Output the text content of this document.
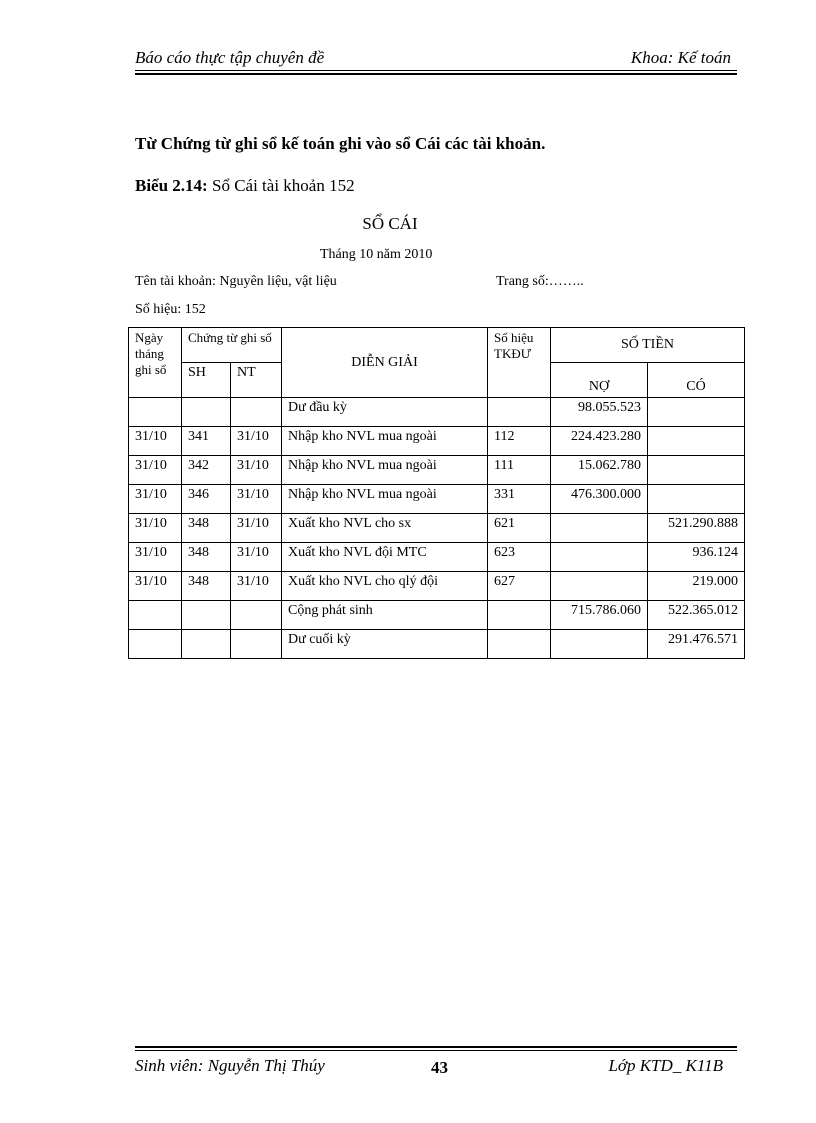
Báo cáo thực tập chuyên đề	Khoa: Kế toán
Từ Chứng từ ghi sổ kế toán ghi vào sổ Cái các tài khoản.
Biểu 2.14: Sổ Cái tài khoản 152
SỔ CÁI
Tháng 10 năm 2010
Tên tài khoản: Nguyên liệu, vật liệu	Trang số:……..
Số hiệu: 152
Ngày tháng ghi sổ	Chứng từ ghi sổ		DIỄN GIẢI	Số hiệu TKĐƯ	SỐ TIỀN	
	SH	NT			NỢ	CÓ
			Dư đầu kỳ		98.055.523	
31/10	341	31/10	Nhập kho NVL mua ngoài	112	224.423.280	
31/10	342	31/10	Nhập kho NVL mua ngoài	111	15.062.780	
31/10	346	31/10	Nhập kho NVL mua ngoài	331	476.300.000	
31/10	348	31/10	Xuất kho NVL cho sx	621		521.290.888
31/10	348	31/10	Xuất kho NVL đội MTC	623		936.124
31/10	348	31/10	Xuất kho NVL cho qlý đội	627		219.000
			Cộng phát sinh		715.786.060	522.365.012
			Dư cuối kỳ			291.476.571
Sinh viên: Nguyễn Thị Thúy	43	Lớp KTD_ K11B
